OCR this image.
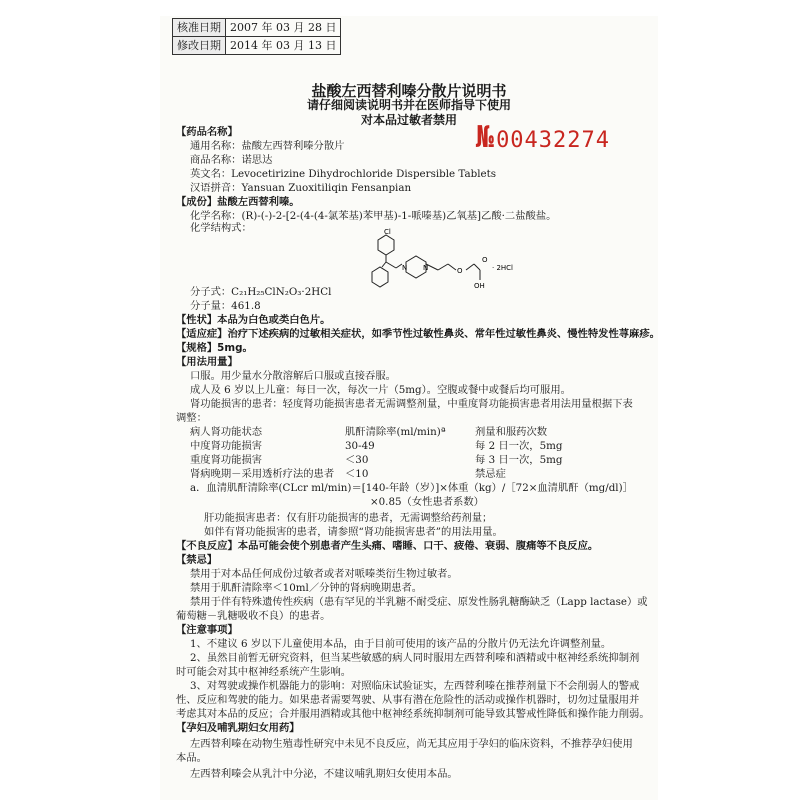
核准日期	2007 年 03 月 28 日
修改日期	2014 年 03 月 13 日
盐酸左西替利嗪分散片说明书
请仔细阅读说明书并在医师指导下使用
对本品过敏者禁用 № 00432274
【药品名称】
通用名称：盐酸左西替利嗪分散片
商品名称：诺思达
英文名：Levocetirizine Dihydrochloride Dispersible Tablets
汉语拼音：Yansuan Zuoxitiliqin Fensanpian
【成份】盐酸左西替利嗪。
化学名称：(R)-(-)-2-[2-(4-(4-氯苯基)苯甲基)-1-哌嗪基)乙氧基]乙酸·二盐酸盐。
化学结构式：	Cl
N N	O
O
OH
· 2HCl
分子式：C₂₁H₂₅ClN₂O₃·2HCl
分子量：461.8
【性状】本品为白色或类白色片。
【适应症】治疗下述疾病的过敏相关症状，如季节性过敏性鼻炎、常年性过敏性鼻炎、慢性特发性荨麻疹。
【规格】5mg。
【用法用量】
口服。用少量水分散溶解后口服或直接吞服。
成人及 6 岁以上儿童：每日一次，每次一片（5mg）。空腹或餐中或餐后均可服用。
肾功能损害的患者：轻度肾功能损害患者无需调整剂量，中重度肾功能损害患者用法用量根据下表
调整：
病人肾功能状态	肌酐清除率(ml/min)ª	剂量和服药次数
中度肾功能损害	30-49	每 2 日一次，5mg
重度肾功能损害	＜30	每 3 日一次，5mg
肾病晚期－采用透析疗法的患者 ＜10	禁忌症
a．血清肌酐清除率(CLcr ml/min)＝[140-年龄（岁）]×体重（kg）/［72×血清肌酐（mg/dl)］
×0.85（女性患者系数）
肝功能损害患者：仅有肝功能损害的患者，无需调整给药剂量；
如伴有肾功能损害的患者，请参照“肾功能损害患者”的用法用量。
【不良反应】本品可能会使个别患者产生头痛、嗜睡、口干、疲倦、衰弱、腹痛等不良反应。
【禁忌】
禁用于对本品任何成份过敏者或者对哌嗪类衍生物过敏者。
禁用于肌酐清除率＜10ml／分钟的肾病晚期患者。
禁用于伴有特殊遗传性疾病（患有罕见的半乳糖不耐受症、原发性肠乳糖酶缺乏（Lapp lactase）或
葡萄糖－乳糖吸收不良）的患者。
【注意事项】
1、不建议 6 岁以下儿童使用本品，由于目前可使用的该产品的分散片仍无法允许调整剂量。
2、虽然目前暂无研究资料，但当某些敏感的病人同时服用左西替利嗪和酒精或中枢神经系统抑制剂
时可能会对其中枢神经系统产生影响。
3、对驾驶或操作机器能力的影响：对照临床试验证实，左西替利嗪在推荐剂量下不会削弱人的警戒
性、反应和驾驶的能力。如果患者需要驾驶、从事有潜在危险性的活动或操作机器时，切勿过量服用并
考虑其对本品的反应；合并服用酒精或其他中枢神经系统抑制剂可能导致其警戒性降低和操作能力削弱。
【孕妇及哺乳期妇女用药】
左西替利嗪在动物生殖毒性研究中未见不良反应，尚无其应用于孕妇的临床资料，不推荐孕妇使用
本品。
左西替利嗪会从乳汁中分泌，不建议哺乳期妇女使用本品。
